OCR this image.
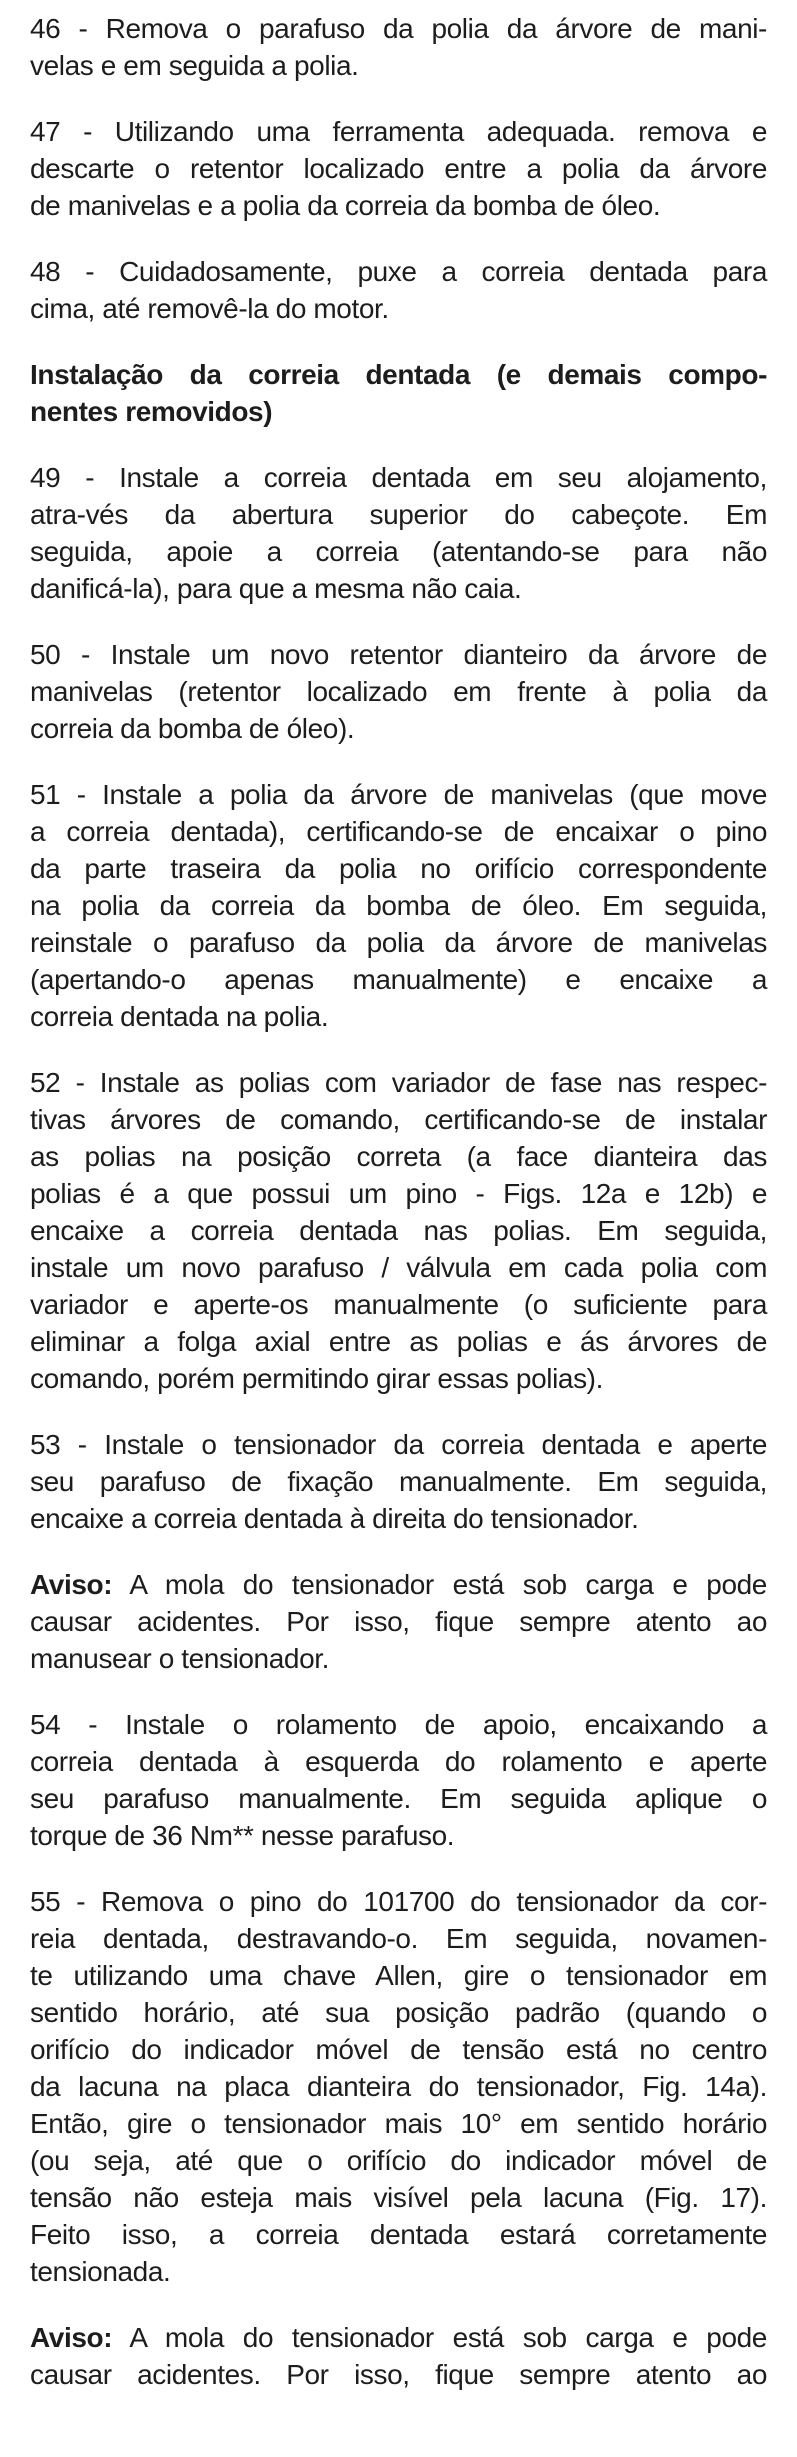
46 - Remova o parafuso da polia da árvore de mani-
velas e em seguida a polia.
47 - Utilizando uma ferramenta adequada. remova e
descarte o retentor localizado entre a polia da árvore
de manivelas e a polia da correia da bomba de óleo.
48 - Cuidadosamente, puxe a correia dentada para
cima, até removê-la do motor.
Instalação da correia dentada (e demais compo-
nentes removidos)
49 - Instale a correia dentada em seu alojamento,
atra-vés da abertura superior do cabeçote. Em
seguida, apoie a correia (atentando-se para não
danificá-la), para que a mesma não caia.
50 - Instale um novo retentor dianteiro da árvore de
manivelas (retentor localizado em frente à polia da
correia da bomba de óleo).
51 - Instale a polia da árvore de manivelas (que move
a correia dentada), certificando-se de encaixar o pino
da parte traseira da polia no orifício correspondente
na polia da correia da bomba de óleo. Em seguida,
reinstale o parafuso da polia da árvore de manivelas
(apertando-o apenas manualmente) e encaixe a
correia dentada na polia.
52 - Instale as polias com variador de fase nas respec-
tivas árvores de comando, certificando-se de instalar
as polias na posição correta (a face dianteira das
polias é a que possui um pino - Figs. 12a e 12b) e
encaixe a correia dentada nas polias. Em seguida,
instale um novo parafuso / válvula em cada polia com
variador e aperte-os manualmente (o suficiente para
eliminar a folga axial entre as polias e ás árvores de
comando, porém permitindo girar essas polias).
53 - Instale o tensionador da correia dentada e aperte
seu parafuso de fixação manualmente. Em seguida,
encaixe a correia dentada à direita do tensionador.
Aviso: A mola do tensionador está sob carga e pode
causar acidentes. Por isso, fique sempre atento ao
manusear o tensionador.
54 - Instale o rolamento de apoio, encaixando a
correia dentada à esquerda do rolamento e aperte
seu parafuso manualmente. Em seguida aplique o
torque de 36 Nm** nesse parafuso.
55 - Remova o pino do 101700 do tensionador da cor-
reia dentada, destravando-o. Em seguida, novamen-
te utilizando uma chave Allen, gire o tensionador em
sentido horário, até sua posição padrão (quando o
orifício do indicador móvel de tensão está no centro
da lacuna na placa dianteira do tensionador, Fig. 14a).
Então, gire o tensionador mais 10° em sentido horário
(ou seja, até que o orifício do indicador móvel de
tensão não esteja mais visível pela lacuna (Fig. 17).
Feito isso, a correia dentada estará corretamente
tensionada.
Aviso: A mola do tensionador está sob carga e pode
causar acidentes. Por isso, fique sempre atento ao
